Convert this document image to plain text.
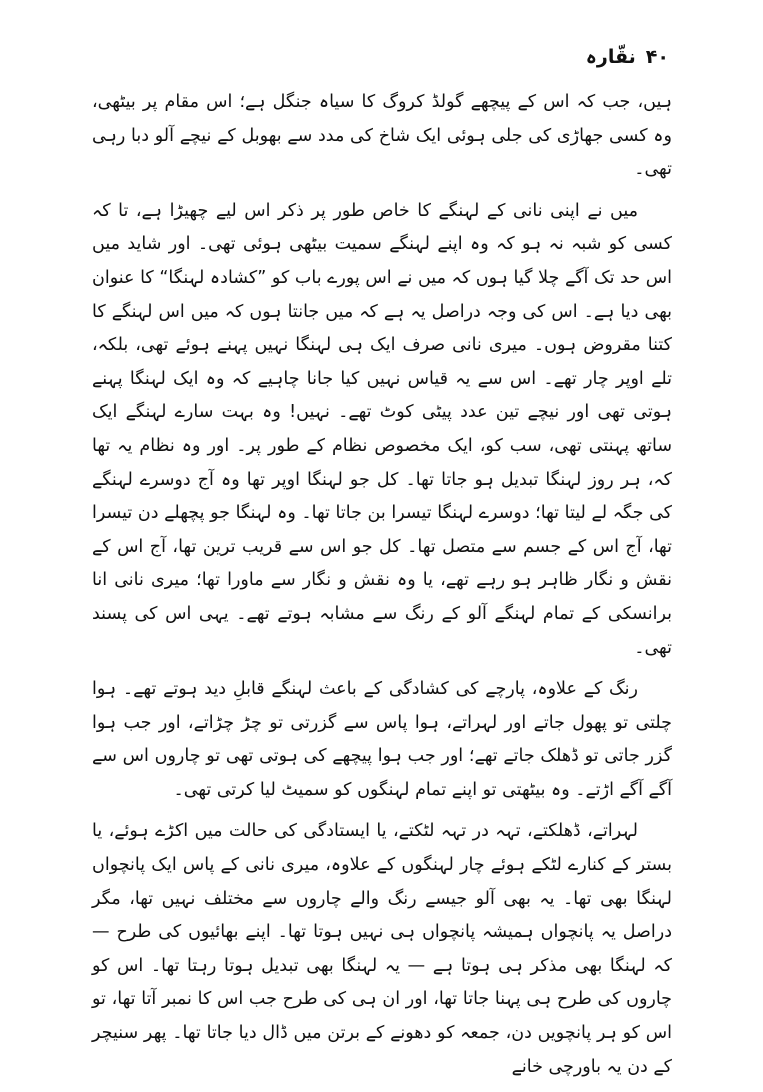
۴۰
نقّارہ

ہیں، جب کہ اس کے پیچھے گولڈ کروگ کا سیاہ جنگل ہے؛ اس مقام پر بیٹھی، وہ کسی جھاڑی کی جلی ہوئی ایک شاخ کی مدد سے بھوبل کے نیچے آلو دبا رہی تھی۔

میں نے اپنی نانی کے لہنگے کا خاص طور پر ذکر اس لیے چھیڑا ہے، تا کہ کسی کو شبہ نہ ہو کہ وہ اپنے لہنگے سمیت بیٹھی ہوئی تھی۔ اور شاید میں اس حد تک آگے چلا گیا ہوں کہ میں نے اس پورے باب کو ”کشادہ لہنگا“ کا عنوان بھی دیا ہے۔ اس کی وجہ دراصل یہ ہے کہ میں جانتا ہوں کہ میں اس لہنگے کا کتنا مقروض ہوں۔ میری نانی صرف ایک ہی لہنگا نہیں پہنے ہوئے تھی، بلکہ، تلے اوپر چار تھے۔ اس سے یہ قیاس نہیں کیا جانا چاہیے کہ وہ ایک لہنگا پہنے ہوتی تھی اور نیچے تین عدد پیٹی کوٹ تھے۔ نہیں! وہ بہت سارے لہنگے ایک ساتھ پہنتی تھی، سب کو، ایک مخصوص نظام کے طور پر۔ اور وہ نظام یہ تھا کہ، ہر روز لہنگا تبدیل ہو جاتا تھا۔ کل جو لہنگا اوپر تھا وہ آج دوسرے لہنگے کی جگہ لے لیتا تھا؛ دوسرے لہنگا تیسرا بن جاتا تھا۔ وہ لہنگا جو پچھلے دن تیسرا تھا، آج اس کے جسم سے متصل تھا۔ کل جو اس سے قریب ترین تھا، آج اس کے نقش و نگار ظاہر ہو رہے تھے، یا وہ نقش و نگار سے ماورا تھا؛ میری نانی انا برانسکی کے تمام لہنگے آلو کے رنگ سے مشابہ ہوتے تھے۔ یہی اس کی پسند تھی۔

رنگ کے علاوہ، پارچے کی کشادگی کے باعث لہنگے قابلِ دید ہوتے تھے۔ ہوا چلتی تو پھول جاتے اور لہراتے، ہوا پاس سے گزرتی تو چڑ چڑاتے، اور جب ہوا گزر جاتی تو ڈھلک جاتے تھے؛ اور جب ہوا پیچھے کی ہوتی تھی تو چاروں اس سے آگے آگے اڑتے۔ وہ بیٹھتی تو اپنے تمام لہنگوں کو سمیٹ لیا کرتی تھی۔

لہراتے، ڈھلکتے، تہہ در تہہ لٹکتے، یا ایستادگی کی حالت میں اکڑے ہوئے، یا بستر کے کنارے لٹکے ہوئے چار لہنگوں کے علاوہ، میری نانی کے پاس ایک پانچواں لہنگا بھی تھا۔ یہ بھی آلو جیسے رنگ والے چاروں سے مختلف نہیں تھا، مگر دراصل یہ پانچواں ہمیشہ پانچواں ہی نہیں ہوتا تھا۔ اپنے بھائیوں کی طرح — کہ لہنگا بھی مذکر ہی ہوتا ہے — یہ لہنگا بھی تبدیل ہوتا رہتا تھا۔ اس کو چاروں کی طرح ہی پہنا جاتا تھا، اور ان ہی کی طرح جب اس کا نمبر آتا تھا، تو اس کو ہر پانچویں دن، جمعہ کو دھونے کے برتن میں ڈال دیا جاتا تھا۔ پھر سنیچر کے دن یہ باورچی خانے
